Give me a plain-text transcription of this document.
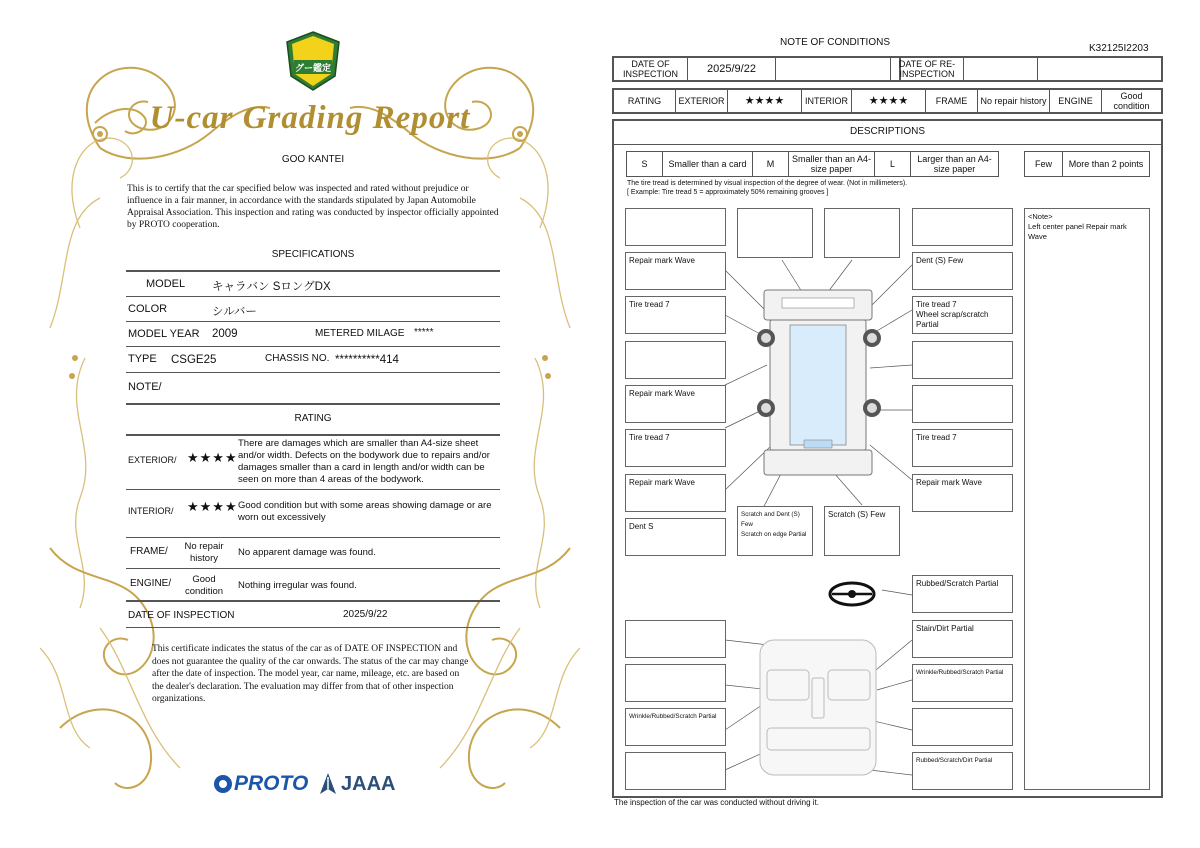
グー鑑定
U-car Grading Report
GOO KANTEI
This is to certify that the car specified below was inspected and rated without prejudice or influence in a fair manner, in accordance with the standards stipulated by Japan Automobile Appraisal Association. This inspection and rating was conducted by inspector officially appointed by PROTO cooperation.
SPECIFICATIONS
MODEL キャラバン SロングDX
COLOR	シルバー
MODEL YEAR 2009	METERED MILAGE *****
TYPE CSGE25	CHASSIS NO. **********414
NOTE/
RATING
EXTERIOR/ ★★★★
There are damages which are smaller than A4-size sheet and/or width. Defects on the bodywork due to repairs and/or damages smaller than a card in length and/or width can be seen on more than 4 areas of the bodywork.
INTERIOR/ ★★★★ Good condition but with some areas showing damage or are worn out excessively
FRAME/	No repair history
No apparent damage was found.
ENGINE/	Good condition
Nothing irregular was found.
DATE OF INSPECTION	2025/9/22
This certificate indicates the status of the car as of DATE OF INSPECTION and does not guarantee the quality of the car onwards. The status of the car may change after the date of inspection. The model year, car name, mileage, etc. are based on the dealer's declaration. The evaluation may differ from that of other inspection organizations.
PROTO JAAA
NOTE OF CONDITIONS
K32125I2203
DATE OF INSPECTION	2025/9/22	DATE OF RE-INSPECTION
RATING	EXTERIOR	★★★★	INTERIOR	★★★★	FRAME	No repair history	ENGINE	Good condition
DESCRIPTIONS
S	Smaller than a card	M	Smaller than an A4-size paper	L	Larger than an A4-size paper	Few	More than 2 points
The tire tread is determined by visual inspection of the degree of wear. (Not in millimeters).
[ Example: Tire tread 5 = approximately 50% remaining grooves ]
Repair mark Wave
Tire tread 7
Repair mark Wave
Tire tread 7
Repair mark Wave
Dent S
Dent (S) Few
Tire tread 7
Wheel scrap/scratch Partial
Tire tread 7
Repair mark Wave
Scratch and Dent (S) Few
Scratch on edge Partial
Scratch (S) Few
Wrinkle/Rubbed/Scratch Partial
Rubbed/Scratch Partial
Stain/Dirt Partial
Wrinkle/Rubbed/Scratch Partial
Rubbed/Scratch/Dirt Partial
<Note>
Left center panel Repair mark Wave
The inspection of the car was conducted without driving it.
